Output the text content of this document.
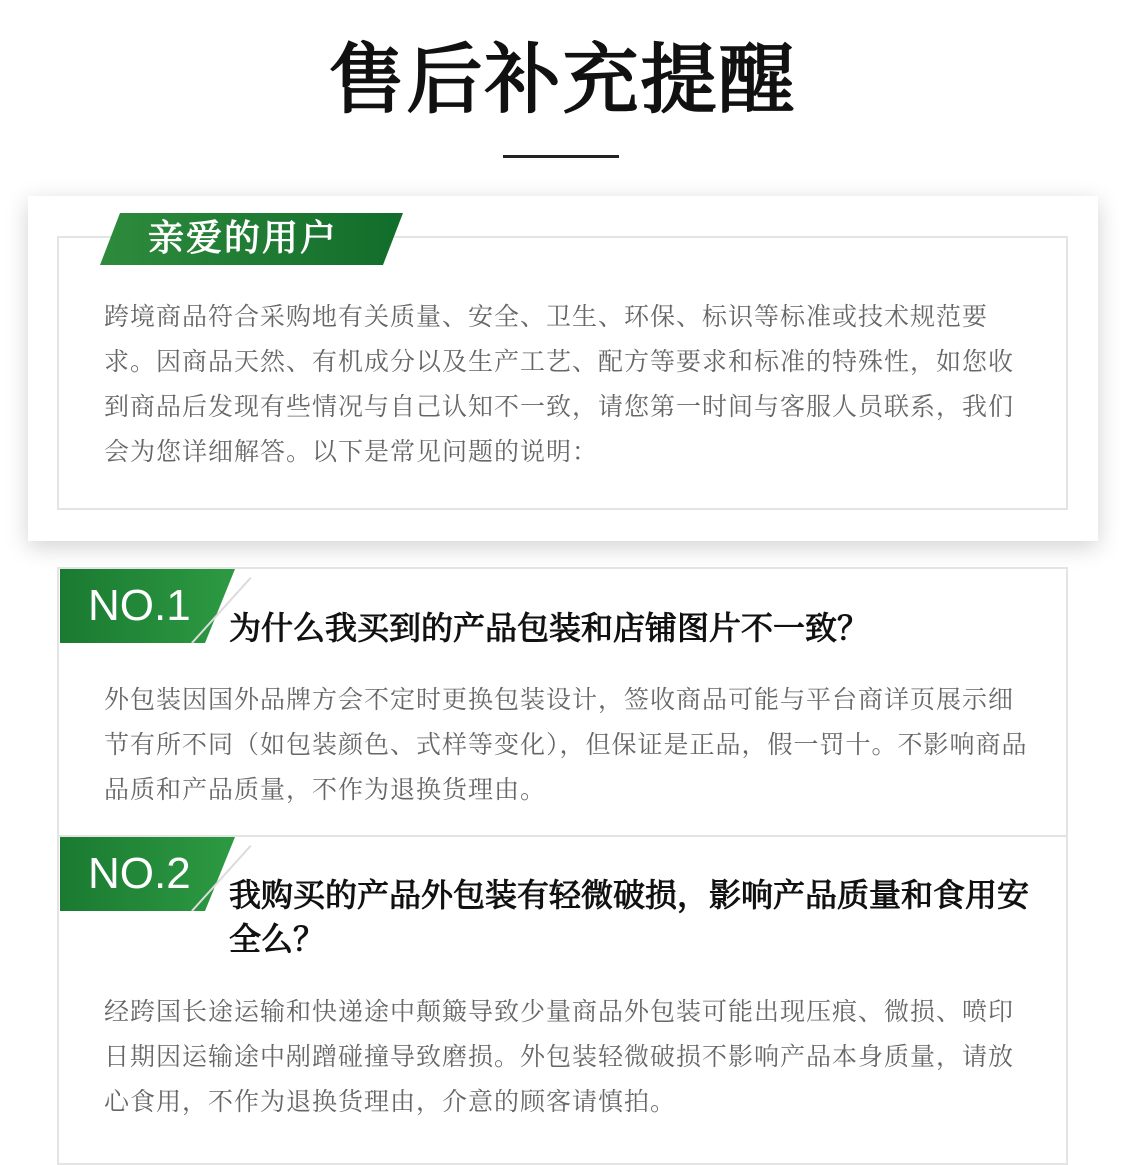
售后补充提醒
亲爱的用户

跨境商品符合采购地有关质量、安全、卫生、环保、标识等标准或技术规范要求。因商品天然、有机成分以及生产工艺、配方等要求和标准的特殊性，如您收到商品后发现有些情况与自己认知不一致，请您第一时间与客服人员联系，我们会为您详细解答。以下是常见问题的说明：

NO.1 为什么我买到的产品包装和店铺图片不一致？

外包装因国外品牌方会不定时更换包装设计，签收商品可能与平台商详页展示细节有所不同（如包装颜色、式样等变化），但保证是正品，假一罚十。不影响商品品质和产品质量，不作为退换货理由。

NO.2 我购买的产品外包装有轻微破损，影响产品质量和食用安全么？

经跨国长途运输和快递途中颠簸导致少量商品外包装可能出现压痕、微损、喷印日期因运输途中剐蹭碰撞导致磨损。外包装轻微破损不影响产品本身质量，请放心食用，不作为退换货理由，介意的顾客请慎拍。
